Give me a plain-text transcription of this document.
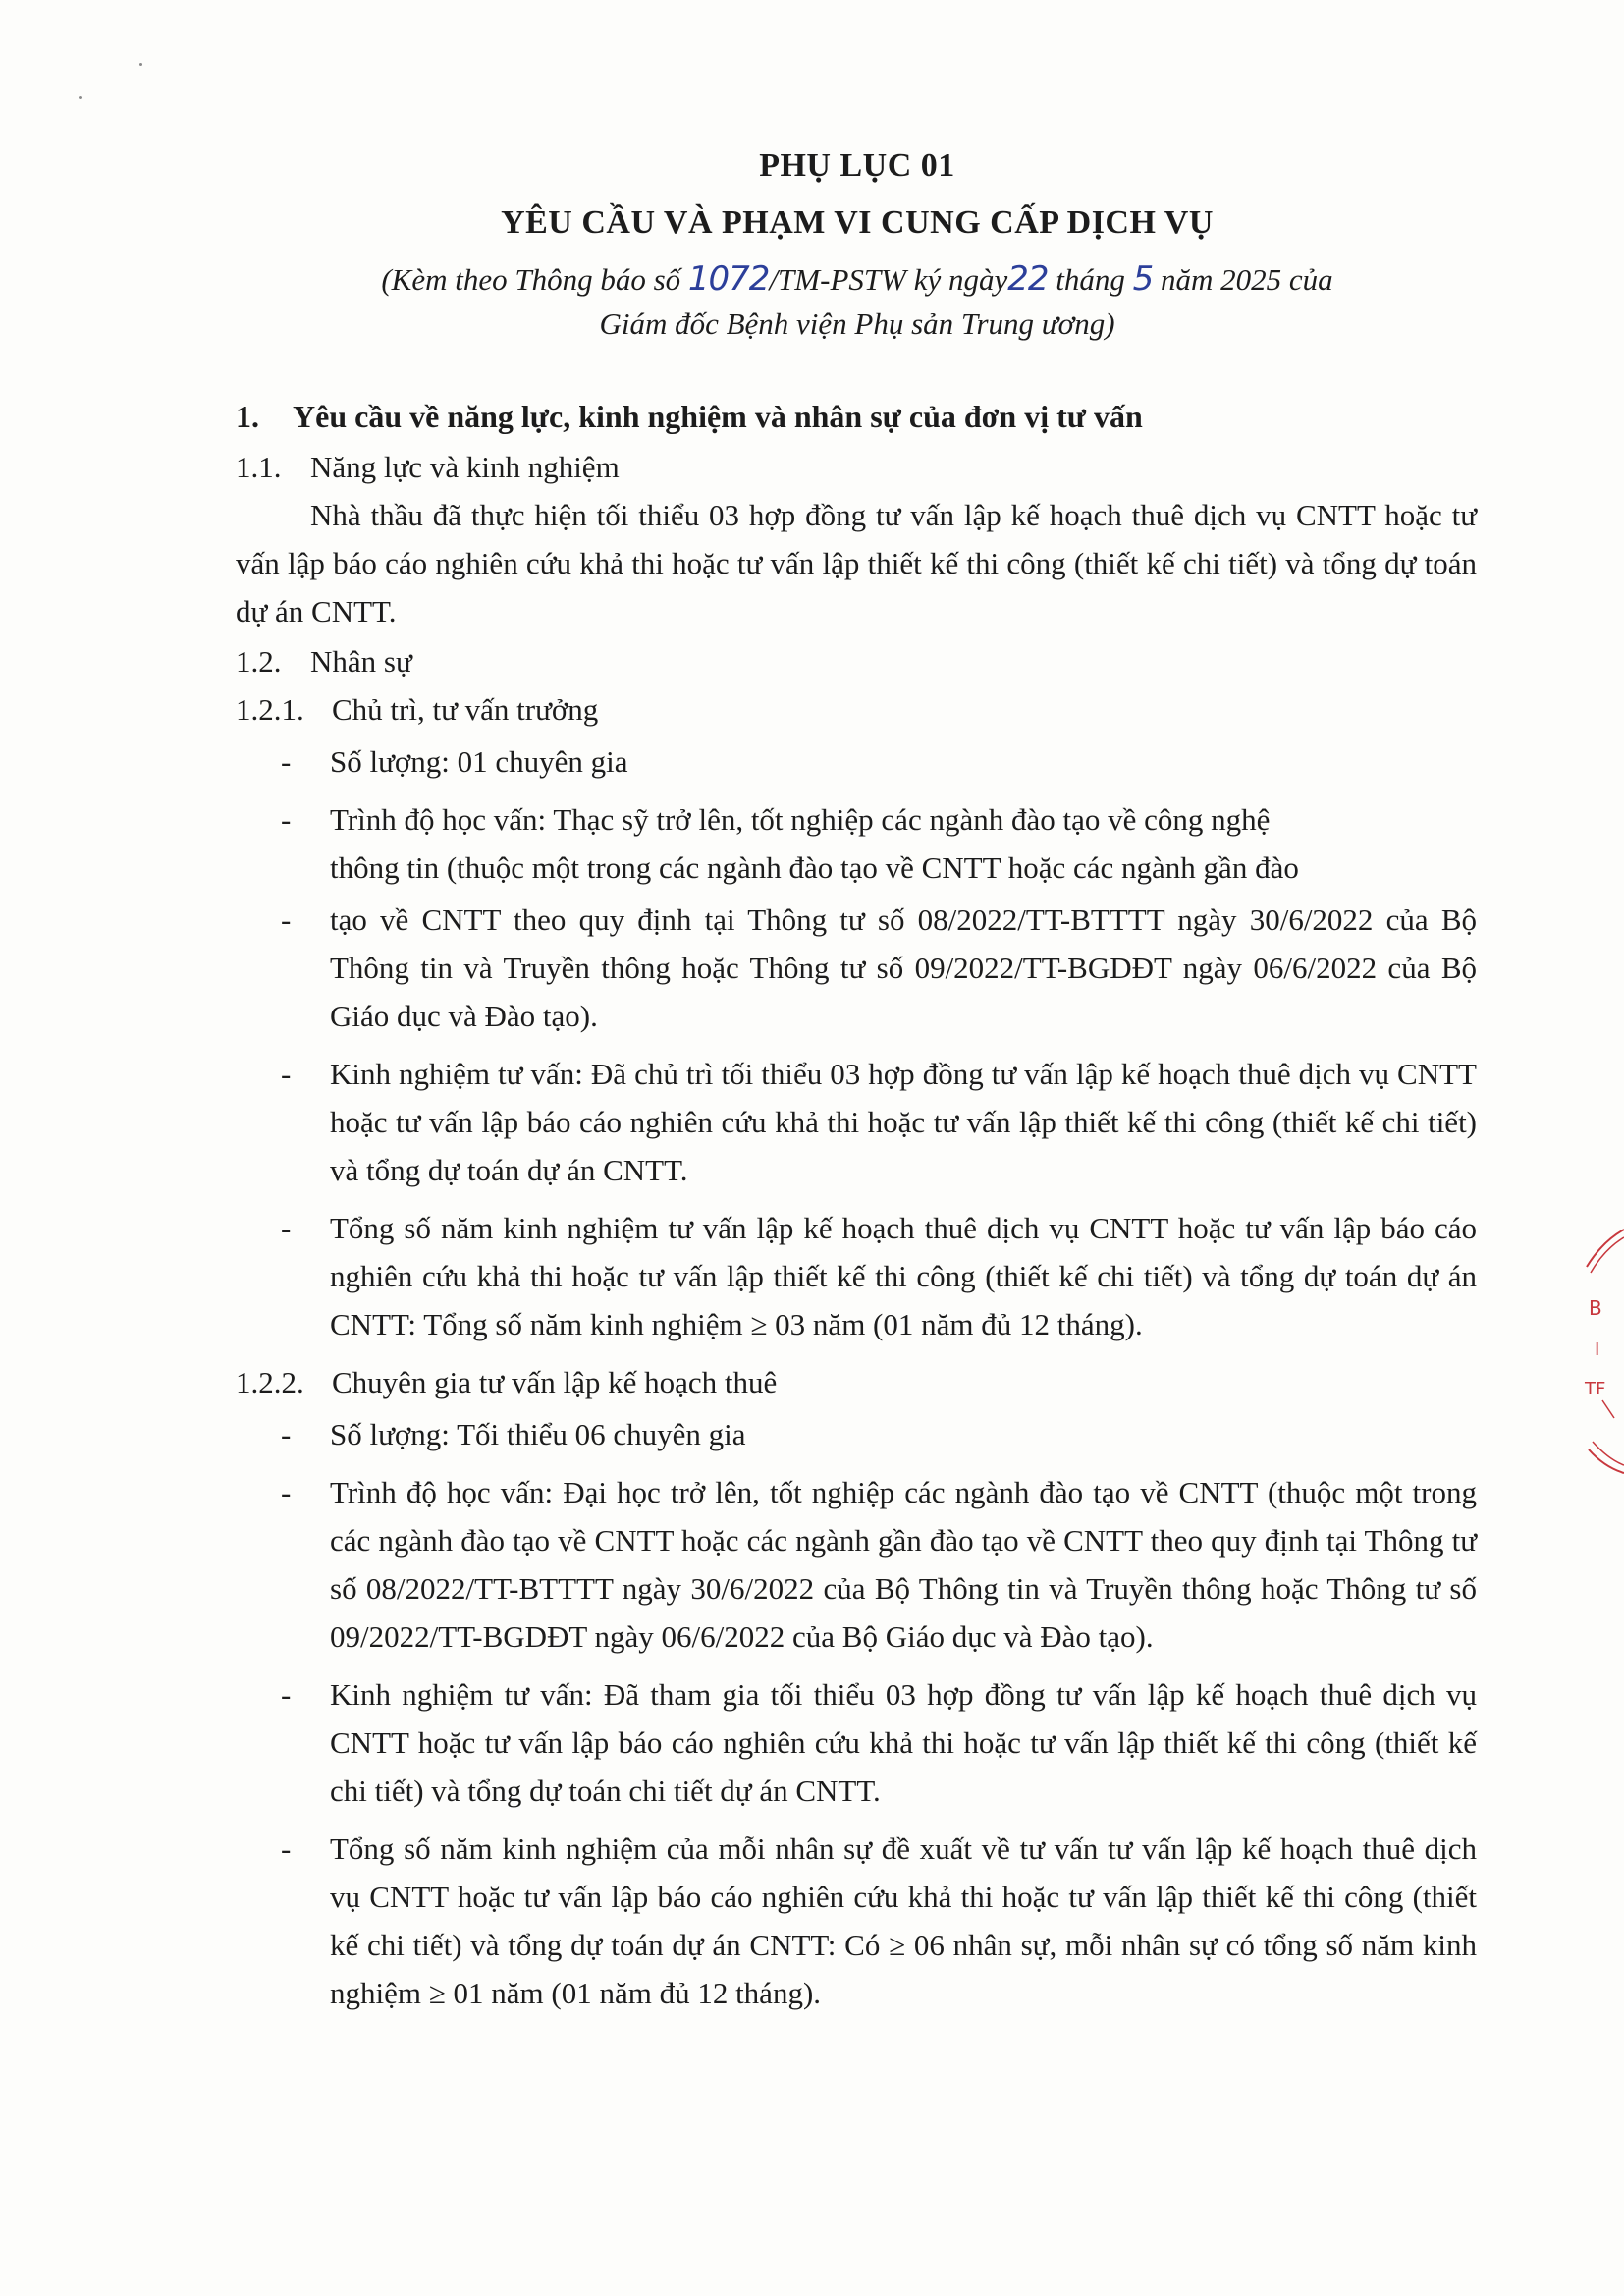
PHỤ LỤC 01
YÊU CẦU VÀ PHẠM VI CUNG CẤP DỊCH VỤ
(Kèm theo Thông báo số 1072/TM-PSTW ký ngày22 tháng 5 năm 2025 của
Giám đốc Bệnh viện Phụ sản Trung ương)
1.	Yêu cầu về năng lực, kinh nghiệm và nhân sự của đơn vị tư vấn
1.1. Năng lực và kinh nghiệm
Nhà thầu đã thực hiện tối thiểu 03 hợp đồng tư vấn lập kế hoạch thuê dịch vụ CNTT hoặc tư vấn lập báo cáo nghiên cứu khả thi hoặc tư vấn lập thiết kế thi công (thiết kế chi tiết) và tổng dự toán dự án CNTT.
1.2. Nhân sự
1.2.1. Chủ trì, tư vấn trưởng
-	Số lượng: 01 chuyên gia
-	Trình độ học vấn: Thạc sỹ trở lên, tốt nghiệp các ngành đào tạo về công nghệ
thông tin (thuộc một trong các ngành đào tạo về CNTT hoặc các ngành gần đào
-	tạo về CNTT theo quy định tại Thông tư số 08/2022/TT-BTTTT ngày 30/6/2022 của Bộ Thông tin và Truyền thông hoặc Thông tư số 09/2022/TT-BGDĐT ngày 06/6/2022 của Bộ Giáo dục và Đào tạo).
-	Kinh nghiệm tư vấn: Đã chủ trì tối thiểu 03 hợp đồng tư vấn lập kế hoạch thuê dịch vụ CNTT hoặc tư vấn lập báo cáo nghiên cứu khả thi hoặc tư vấn lập thiết kế thi công (thiết kế chi tiết) và tổng dự toán dự án CNTT.
-	Tổng số năm kinh nghiệm tư vấn lập kế hoạch thuê dịch vụ CNTT hoặc tư vấn lập báo cáo nghiên cứu khả thi hoặc tư vấn lập thiết kế thi công (thiết kế chi tiết) và tổng dự toán dự án CNTT: Tổng số năm kinh nghiệm ≥ 03 năm (01 năm đủ 12 tháng).
1.2.2. Chuyên gia tư vấn lập kế hoạch thuê
-	Số lượng: Tối thiểu 06 chuyên gia
-	Trình độ học vấn: Đại học trở lên, tốt nghiệp các ngành đào tạo về CNTT (thuộc một trong các ngành đào tạo về CNTT hoặc các ngành gần đào tạo về CNTT theo quy định tại Thông tư số 08/2022/TT-BTTTT ngày 30/6/2022 của Bộ Thông tin và Truyền thông hoặc Thông tư số 09/2022/TT-BGDĐT ngày 06/6/2022 của Bộ Giáo dục và Đào tạo).
-	Kinh nghiệm tư vấn: Đã tham gia tối thiểu 03 hợp đồng tư vấn lập kế hoạch thuê dịch vụ CNTT hoặc tư vấn lập báo cáo nghiên cứu khả thi hoặc tư vấn lập thiết kế thi công (thiết kế chi tiết) và tổng dự toán chi tiết dự án CNTT.
-	Tổng số năm kinh nghiệm của mỗi nhân sự đề xuất về tư vấn tư vấn lập kế hoạch thuê dịch vụ CNTT hoặc tư vấn lập báo cáo nghiên cứu khả thi hoặc tư vấn lập thiết kế thi công (thiết kế chi tiết) và tổng dự toán dự án CNTT: Có ≥ 06 nhân sự, mỗi nhân sự có tổng số năm kinh nghiệm ≥ 01 năm (01 năm đủ 12 tháng).
B
I
TF
